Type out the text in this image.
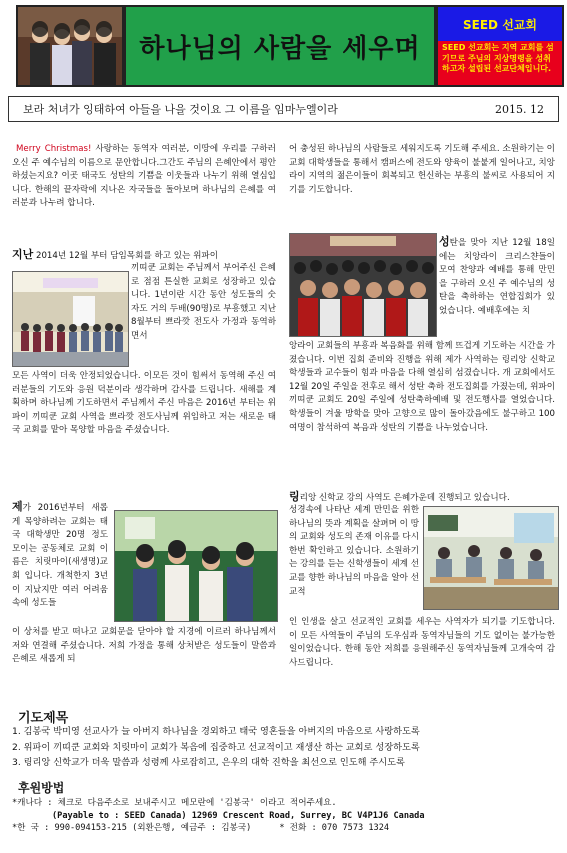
하나님의 사람을 세우며
SEED 선교회
SEED 선교회는 지역 교회를 섬기므로 주님의 지상명령을 성취하고자 설립된 선교단체입니다.
보라 처녀가 잉태하여 아들을 나을 것이요 그 이름을 임마누엘이라	2015. 12

Merry Christmas! 사랑하는 동역자 여러분, 이땅에 우리를 구하러 오신 주 예수님의 이름으로 문안합니다.그간도 주님의 은혜안에서 평안하셨는지요? 이곳 태국도 성탄의 기쁨을 이웃들과 나누기 위해 열심입니다. 한해의 끝자락에 지나온 자국들을 돌아보며 하나님의 은혜를 여러분과 나누려 합니다.

지난 2014년 12월 부터 담임목회를 하고 있는 위파이
끼띠쿤 교회는 주님께서 부어주신 은혜로 점점 튼실한 교회로 성장하고 있습니다. 1년이란 시간 동안 성도들의 숫자도 거의 두배(90명)로 부흥했고 지난 8월부터 쁘라깟 전도사 가정과 동역하면서
모든 사역이 더욱 안정되었습니다. 이모든 것이 힘써서 동역해 주신 여러분들의 기도와 응원 덕분이라 생각하며 감사를 드립니다. 새해를 계획하며 하나님께 기도하면서 주님께서 주신 마음은 2016년 부터는 위파이 끼띠쿤 교회 사역을 쁘라깟 전도사님께 위임하고 저는 새로운 태국 교회를 맡아 목양할 마음을 주셨습니다.
제가 2016년부터 새롭게 목양하려는 교회는 태국 대학생만 20명 정도 모이는 공동체로 교회 이름은 치릿마이(새생명)교회 입니다. 개척한지 3년이 지났지만 여러 어려움 속에 성도들
이 상처를 받고 떠나고 교회문을 닫아야 할 지경에 이르러 하나님께서 저와 연결해 주셨습니다. 저희 가정을 통해 상처받은 성도들이 말씀과 은혜로 새롭게 되
어 충성된 하나님의 사람들로 세워지도록 기도해 주세요. 소원하기는 이 교회 대학생들을 통해서 캠퍼스에 전도와 양육이 불붙게 일어나고, 치앙라이 지역의 젊은이들이 회복되고 헌신하는 부흥의 불씨로 사용되어 지기를 기도합니다.
성탄을 맞아 지난 12월 18일에는 치앙라이 크리스챤들이 모여 찬양과 예배를 통해 만민을 구하러 오신 주 예수님의 성탄을 축하하는 연합집회가 있었습니다. 예배후에는 치
앙라이 교회들의 부흥과 복음화를 위해 함께 뜨겁게 기도하는 시간을 가졌습니다. 이번 집회 준비와 진행을 위해 제가 사역하는 링리앙 신학교 학생들과 교수들이 힘과 마음을 다해 열심히 섬겼습니다. 개 교회에서도 12월 20일 주일을 전후로 해서 성탄 축하 전도집회를 가졌는데, 위파이 끼띠쿤 교회도 20일 주일에 성탄축하예배 및 전도행사를 열었습니다. 학생들이 겨울 방학을 맞아 고향으로 많이 돌아갔음에도 불구하고 100여명이 참석하여 복음과 성탄의 기쁨을 나누었습니다.
링리앙 신학교 강의 사역도 은혜가운데 진행되고 있습니다.
성경속에 나타난 세계 만민을 위한 하나님의 뜻과 계획을 살펴며 이 땅의 교회와 성도의 존재 이유를 다시 한번 확인하고 있습니다. 소원하기는 강의를 듣는 신학생들이 세계 선교를 향한 하나님의 마음을 알아 선교적
인 인생을 살고 선교적인 교회를 세우는 사역자가 되기를 기도합니다. 이 모든 사역들이 주님의 도우심과 동역자님들의 기도 없이는 불가능한 일이었습니다. 한해 동안 저희를 응원해주신 동역자님들께 고개숙여 감사드립니다.
기도제목
1. 김봉국 박미영 선교사가 늘 아버지 하나님을 경외하고 태국 영혼들을 아버지의 마음으로 사랑하도록
2. 위파이 끼띠쿤 교회와 치릿마이 교회가 복음에 집중하고 선교적이고 재생산 하는 교회로 성장하도록
3. 링리앙 신학교가 더욱 말씀과 성령께 사로잡히고, 은우의 대학 진학을 최선으로 인도해 주시도록
후원방법
*캐나다 : 체크로 다음주소로 보내주시고 메모란에 '김봉국' 이라고 적어주세요.
(Payable to : SEED Canada) 12969 Crescent Road, Surrey, BC V4P1J6 Canada
*한 국 : 990-094153-215 (외환은행, 예금주 : 김봉국)	* 전화 : 070 7573 1324
